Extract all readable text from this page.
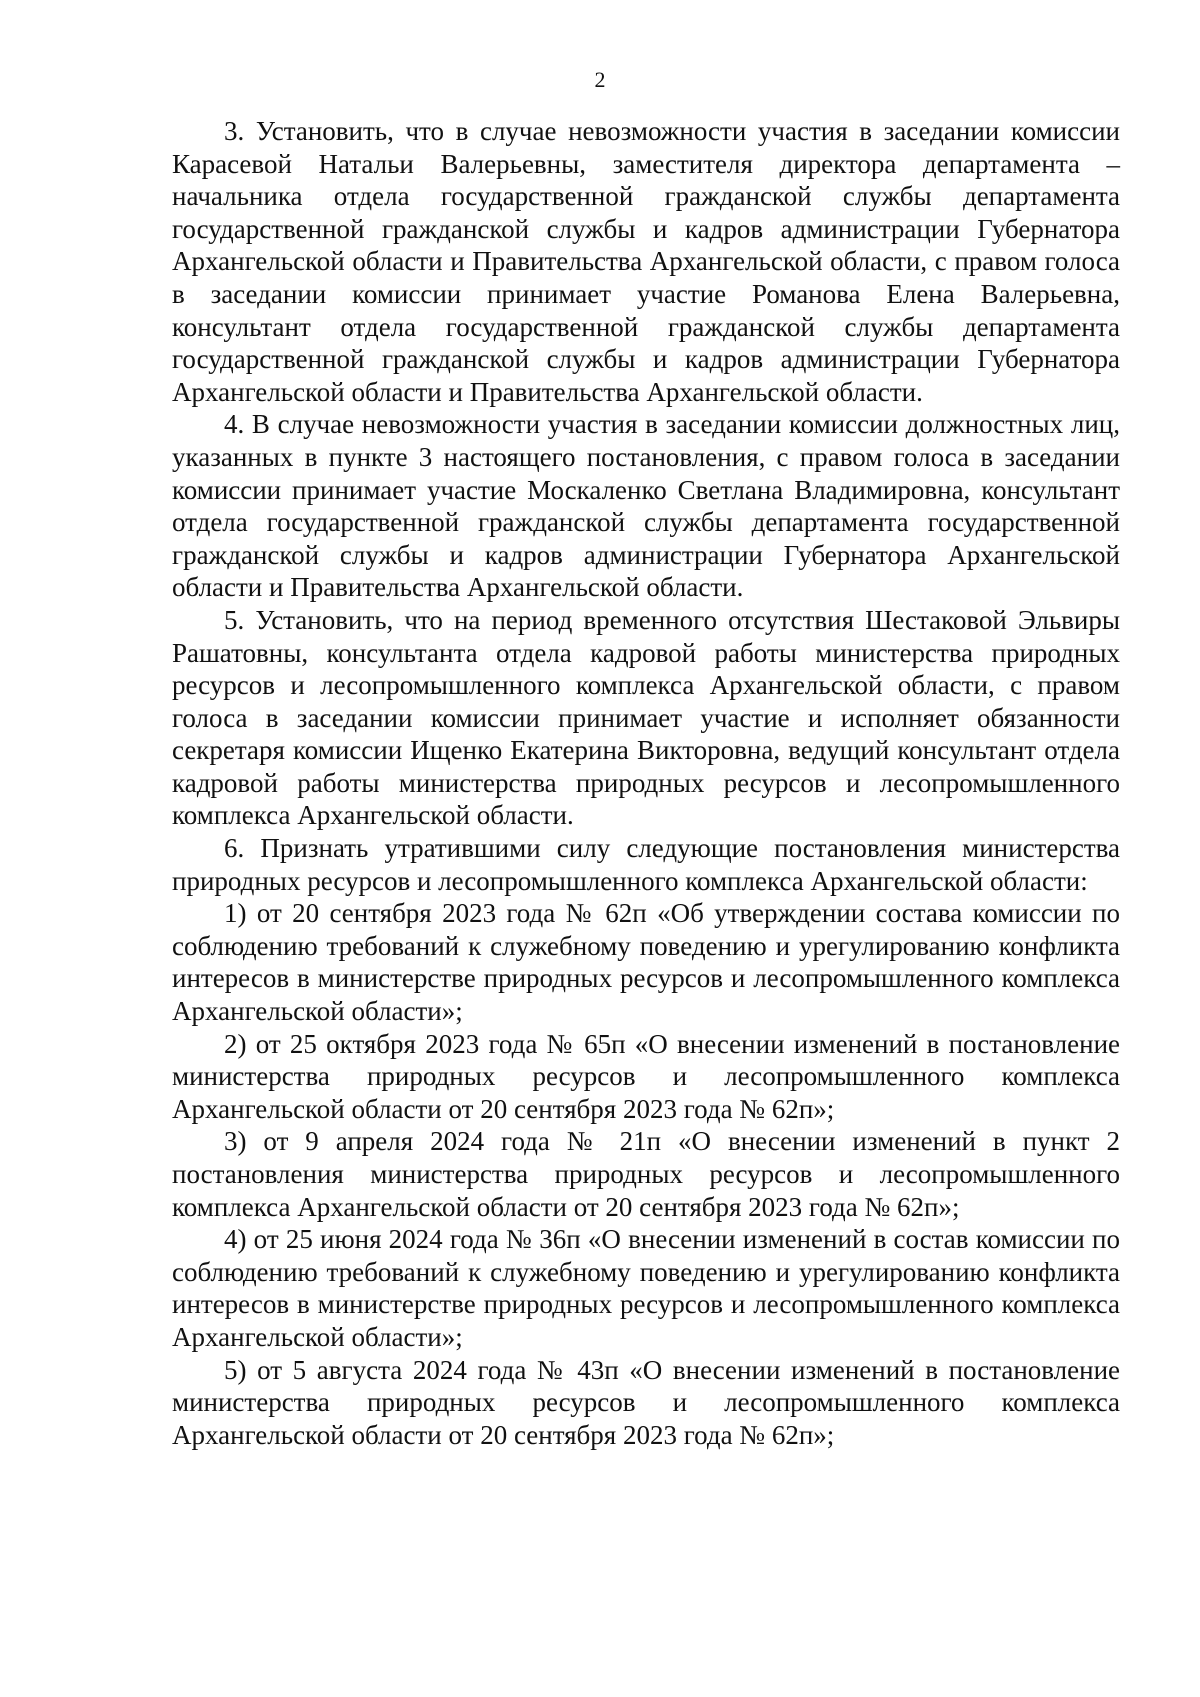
2

3. Установить, что в случае невозможности участия в заседании комиссии Карасевой Натальи Валерьевны, заместителя директора департамента – начальника отдела государственной гражданской службы департамента государственной гражданской службы и кадров администрации Губернатора Архангельской области и Правительства Архангельской области, с правом голоса в заседании комиссии принимает участие Романова Елена Валерьевна, консультант отдела государственной гражданской службы департамента государственной гражданской службы и кадров администрации Губернатора Архангельской области и Правительства Архангельской области.

4. В случае невозможности участия в заседании комиссии должностных лиц, указанных в пункте 3 настоящего постановления, с правом голоса в заседании комиссии принимает участие Москаленко Светлана Владимировна, консультант отдела государственной гражданской службы департамента государственной гражданской службы и кадров администрации Губернатора Архангельской области и Правительства Архангельской области.

5. Установить, что на период временного отсутствия Шестаковой Эльвиры Рашатовны, консультанта отдела кадровой работы министерства природных ресурсов и лесопромышленного комплекса Архангельской области, с правом голоса в заседании комиссии принимает участие и исполняет обязанности секретаря комиссии Ищенко Екатерина Викторовна, ведущий консультант отдела кадровой работы министерства природных ресурсов и лесопромышленного комплекса Архангельской области.

6. Признать утратившими силу следующие постановления министерства природных ресурсов и лесопромышленного комплекса Архангельской области:

1) от 20 сентября 2023 года № 62п «Об утверждении состава комиссии по соблюдению требований к служебному поведению и урегулированию конфликта интересов в министерстве природных ресурсов и лесопромышленного комплекса Архангельской области»;

2) от 25 октября 2023 года № 65п «О внесении изменений в постановление министерства природных ресурсов и лесопромышленного комплекса Архангельской области от 20 сентября 2023 года № 62п»;

3) от 9 апреля 2024 года № 21п «О внесении изменений в пункт 2 постановления министерства природных ресурсов и лесопромышленного комплекса Архангельской области от 20 сентября 2023 года № 62п»;

4) от 25 июня 2024 года № 36п «О внесении изменений в состав комиссии по соблюдению требований к служебному поведению и урегулированию конфликта интересов в министерстве природных ресурсов и лесопромышленного комплекса Архангельской области»;

5) от 5 августа 2024 года № 43п «О внесении изменений в постановление министерства природных ресурсов и лесопромышленного комплекса Архангельской области от 20 сентября 2023 года № 62п»;
